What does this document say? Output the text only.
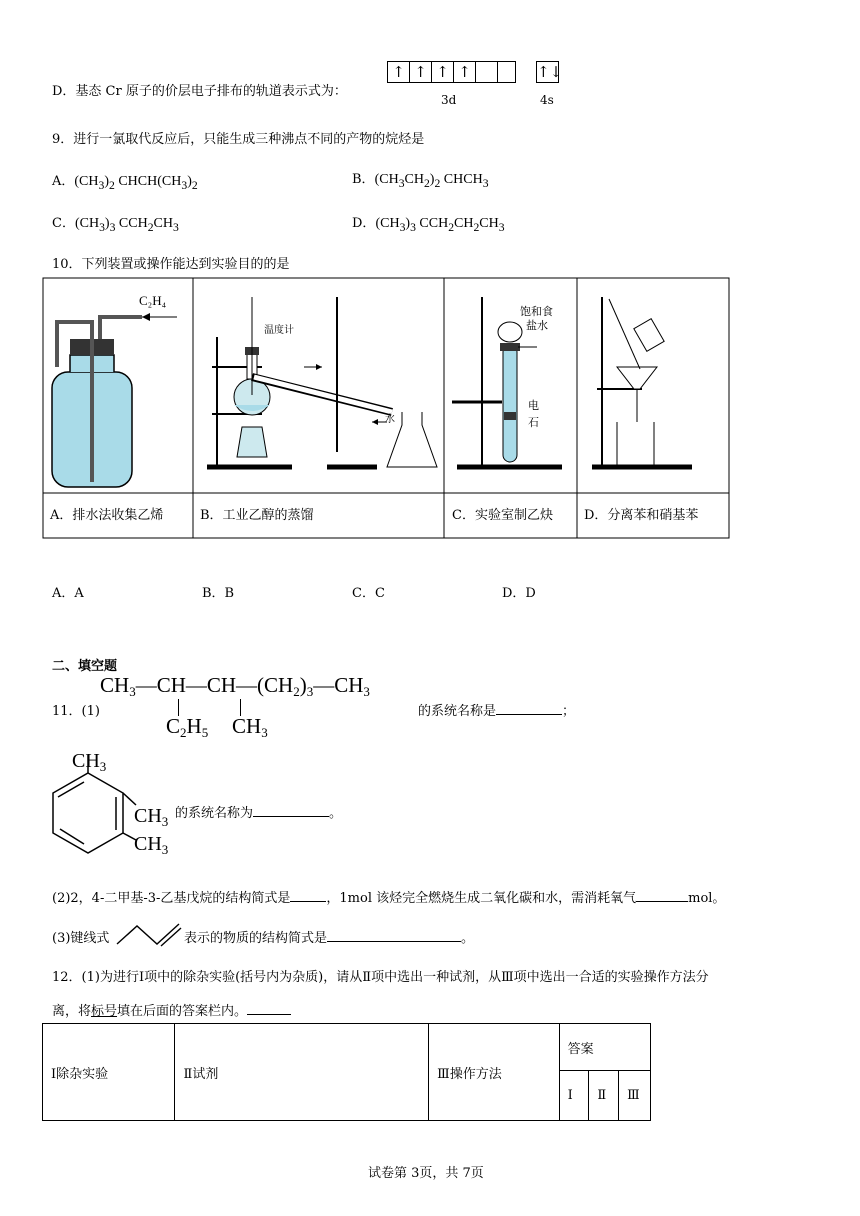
D．基态 Cr 原子的价层电子排布的轨道表示式为：
↑ ↑ ↑ ↑
3d
↑↓
4s
9．进行一氯取代反应后，只能生成三种沸点不同的产物的烷烃是
A．$(CH_3)_2$ $CHCH(CH_3)_2$	B．$(CH_3CH_2)_2$ $CHCH_3$
C．$(CH_3)_3$ $CCH_2CH_3$	D．$(CH_3)_3$ $CCH_2CH_2CH_3$
10．下列装置或操作能达到实验目的的是
C₂H₄
温度计
水
饱和食
盐水
电
石
A．排水法收集乙烯	B．工业乙醇的蒸馏	C．实验室制乙炔 D．分离苯和硝基苯
A．A	B．B	C．C	D．D
二、填空题
$CH_3—CH—CH—(CH_2)_3—CH_3$
$C_2H_5$ $CH_3$
11．(1)	的系统名称是	；
$CH_3$
$CH_3$
$CH_3$
的系统名称为	。
(2)2，4-二甲基-3-乙基戊烷的结构简式是	，1mol 该烃完全燃烧生成二氧化碳和水，需消耗氧气	mol。
(3)键线式	表示的物质的结构简式是	。
12．(1)为进行Ⅰ项中的除杂实验(括号内为杂质)，请从Ⅱ项中选出一种试剂，从Ⅲ项中选出一合适的实验操作方法分
离，将标号填在后面的答案栏内。
Ⅰ除杂实验	Ⅱ试剂	Ⅲ操作方法	答案		
			Ⅰ	Ⅱ	Ⅲ
试卷第 3页，共 7页
